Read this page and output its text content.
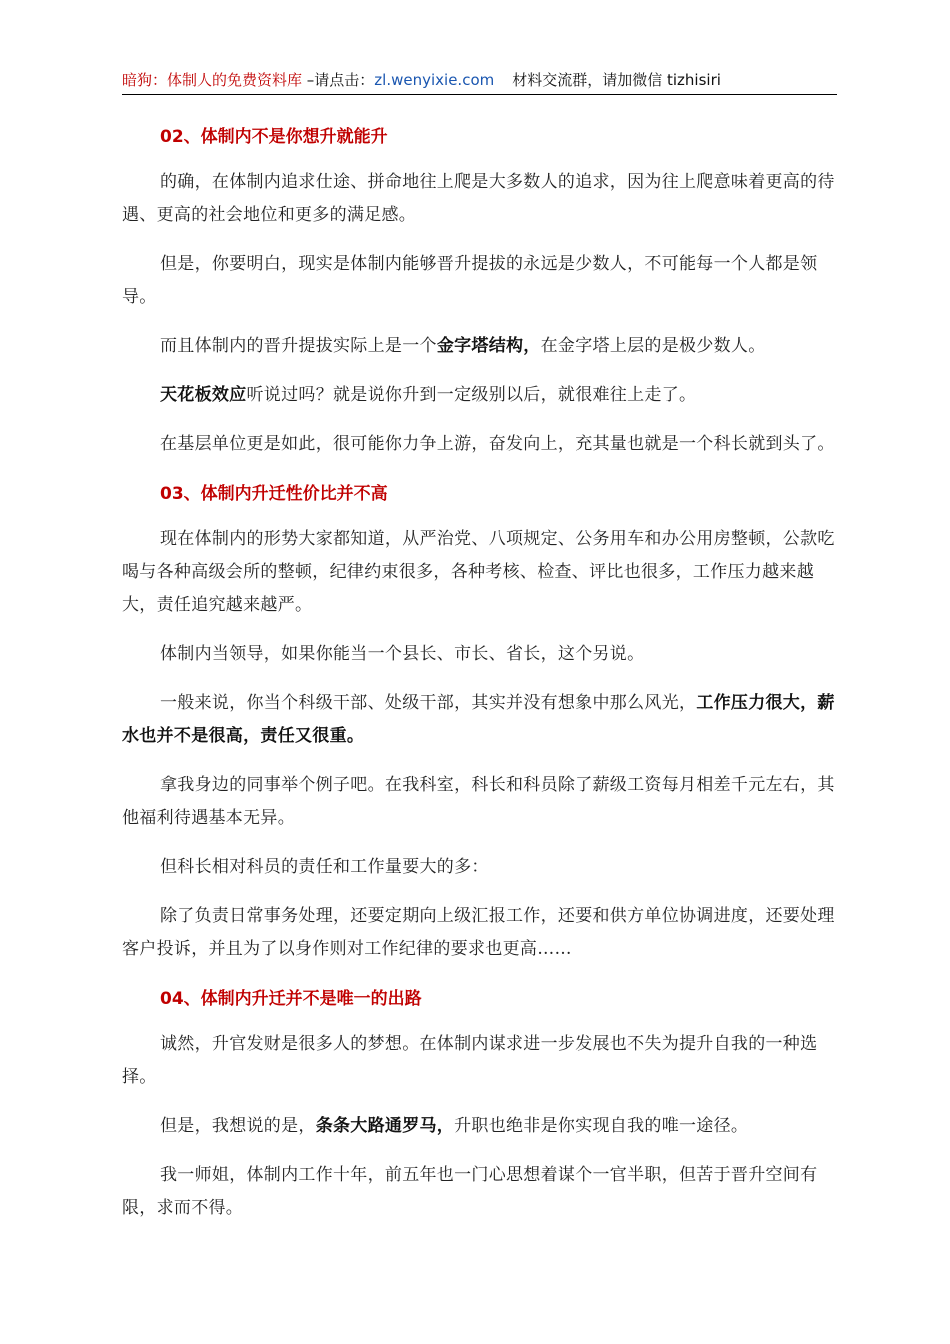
暗狗：体制人的免费资料库 –请点击：zl.wenyixie.com 材料交流群，请加微信 tizhisiri
02、体制内不是你想升就能升
的确，在体制内追求仕途、拼命地往上爬是大多数人的追求，因为往上爬意味着更高的待遇、更高的社会地位和更多的满足感。
但是，你要明白，现实是体制内能够晋升提拔的永远是少数人，不可能每一个人都是领导。
而且体制内的晋升提拔实际上是一个金字塔结构，在金字塔上层的是极少数人。
天花板效应听说过吗？就是说你升到一定级别以后，就很难往上走了。
在基层单位更是如此，很可能你力争上游，奋发向上，充其量也就是一个科长就到头了。
03、体制内升迁性价比并不高
现在体制内的形势大家都知道，从严治党、八项规定、公务用车和办公用房整顿，公款吃喝与各种高级会所的整顿，纪律约束很多，各种考核、检查、评比也很多，工作压力越来越大，责任追究越来越严。
体制内当领导，如果你能当一个县长、市长、省长，这个另说。
一般来说，你当个科级干部、处级干部，其实并没有想象中那么风光，工作压力很大，薪水也并不是很高，责任又很重。
拿我身边的同事举个例子吧。在我科室，科长和科员除了薪级工资每月相差千元左右，其他福利待遇基本无异。
但科长相对科员的责任和工作量要大的多：
除了负责日常事务处理，还要定期向上级汇报工作，还要和供方单位协调进度，还要处理客户投诉，并且为了以身作则对工作纪律的要求也更高……
04、体制内升迁并不是唯一的出路
诚然，升官发财是很多人的梦想。在体制内谋求进一步发展也不失为提升自我的一种选择。
但是，我想说的是，条条大路通罗马，升职也绝非是你实现自我的唯一途径。
我一师姐，体制内工作十年，前五年也一门心思想着谋个一官半职，但苦于晋升空间有限，求而不得。
